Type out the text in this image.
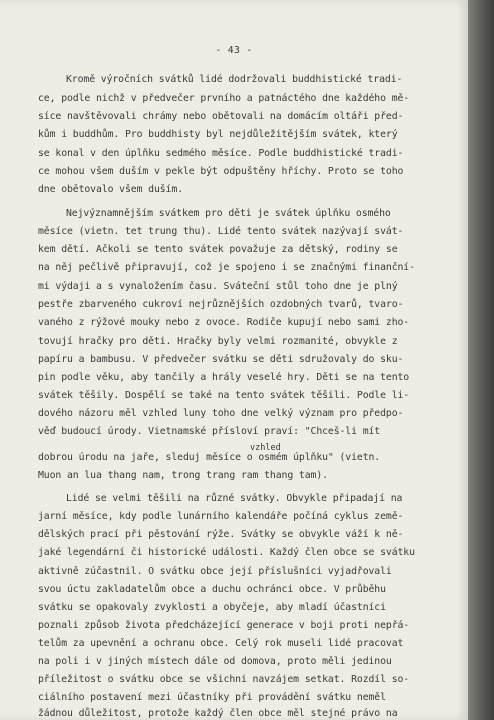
- 43 -
Kromě výročních svátků lidé dodržovali buddhistické tradi-
ce, podle nichž v předvečer prvního a patnáctého dne každého mě-
síce navštěvovali chrámy nebo obětovali na domácím oltáři před-
kům i buddhům. Pro buddhisty byl nejdůležitějším svátek, který
se konal v den úplňku sedmého měsíce. Podle buddhistické tradi-
ce mohou všem duším v pekle být odpuštěny hříchy. Proto se toho
dne obětovalo všem duším.
Nejvýznamnějším svátkem pro děti je svátek úplňku osmého
měsíce (vietn. tet trung thu). Lidé tento svátek nazývají svát-
kem dětí. Ačkoli se tento svátek považuje za dětský, rodiny se
na něj pečlivě připravují, což je spojeno i se značnými finanční-
mi výdaji a s vynaložením času. Sváteční stůl toho dne je plný
pestře zbarveného cukroví nejrůznějších ozdobných tvarů, tvaro-
vaného z rýžové mouky nebo z ovoce. Rodiče kupují nebo sami zho-
tovují hračky pro děti. Hračky byly velmi rozmanité, obvykle z
papíru a bambusu. V předvečer svátku se děti sdružovaly do sku-
pin podle věku, aby tančily a hrály veselé hry. Děti se na tento
svátek těšily. Dospělí se také na tento svátek těšili. Podle li-
dového názoru měl vzhled luny toho dne velký význam pro předpo-
věď budoucí úrody. Vietnamské přísloví praví: "Chceš-li mít
vzhled
dobrou úrodu na jaře, sleduj měsíce o osmém úplňku" (vietn.
Muon an lua thang nam, trong trang ram thang tam).
Lidé se velmi těšili na různé svátky. Obvykle připadají na
jarní měsíce, kdy podle lunárního kalendáře počíná cyklus země-
dělských prací při pěstování rýže. Svátky se obvykle váží k ně-
jaké legendární či historické události. Každý člen obce se svátku
aktivně zúčastnil. O svátku obce její příslušníci vyjadřovali
svou úctu zakladatelům obce a duchu ochránci obce. V průběhu
svátku se opakovaly zvyklosti a obyčeje, aby mladí účastníci
poznali způsob života předcházející generace v boji proti nepřá-
telům za upevnění a ochranu obce. Celý rok museli lidé pracovat
na poli i v jiných místech dále od domova, proto měli jedinou
příležitost o svátku obce se všichni navzájem setkat. Rozdíl so-
ciálního postavení mezi účastníky při provádění svátku neměl
žádnou důležitost, protože každý člen obce měl stejné právo na
